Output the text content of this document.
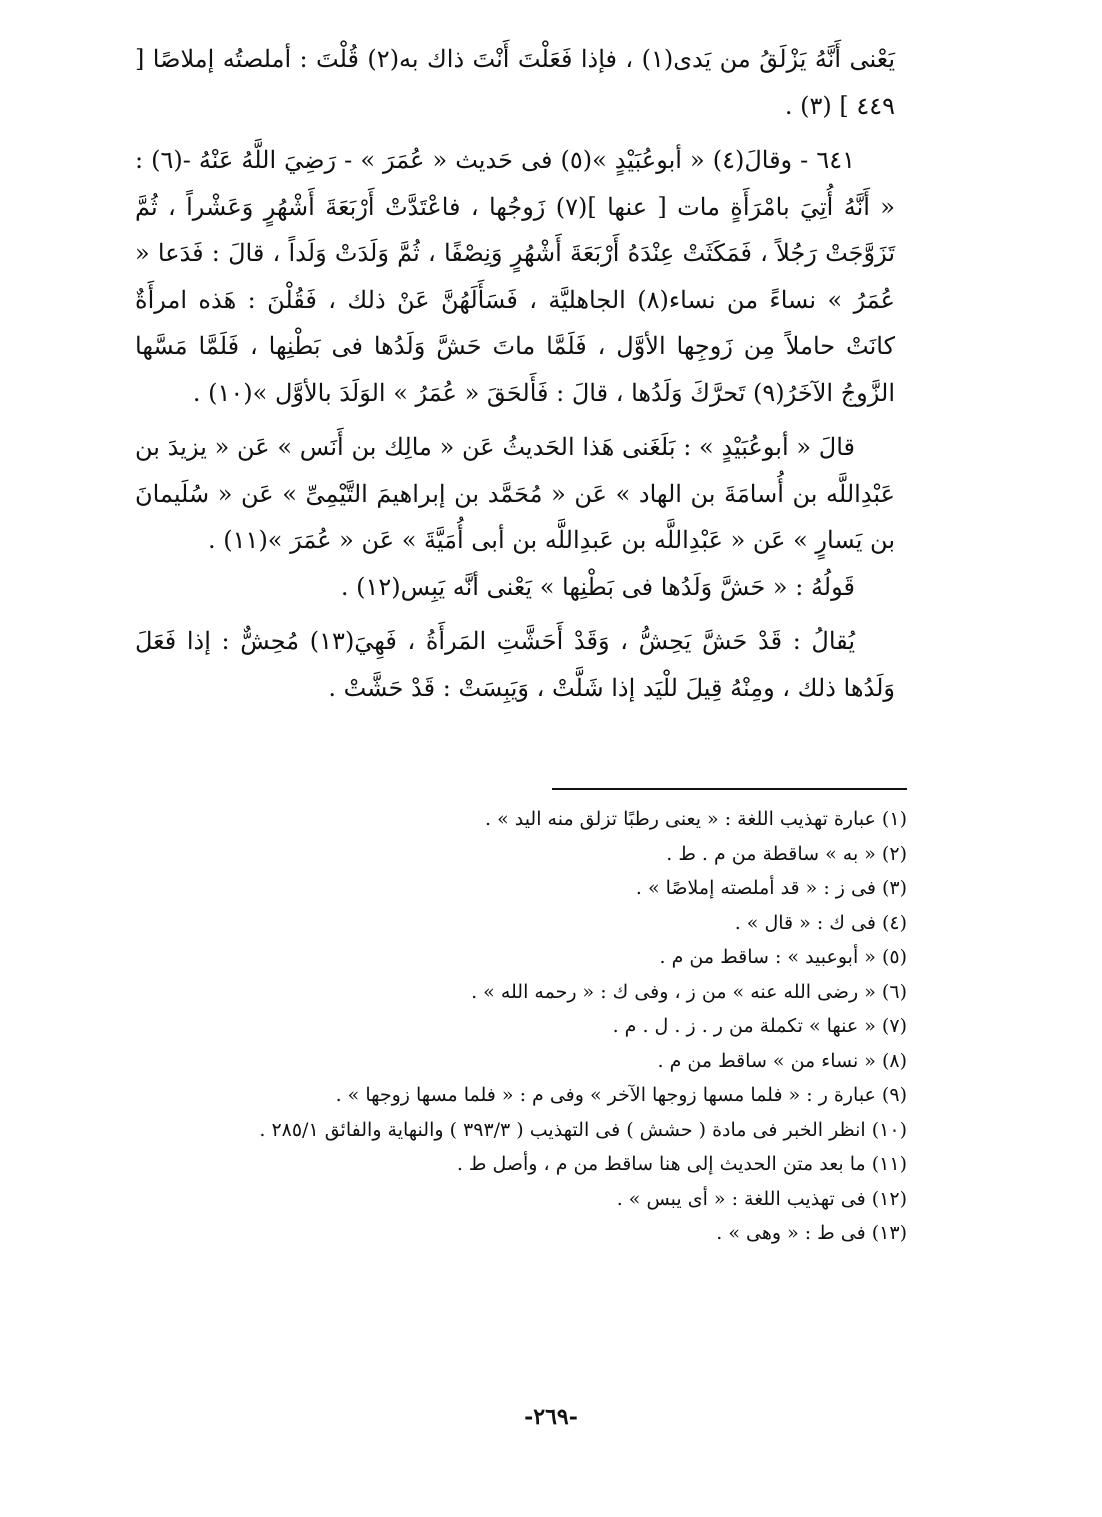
يَعْنى أَنَّهُ يَزْلَقُ من يَدى(١) ، فإذا فَعَلْتَ أَنْتَ ذاك به(٢) قُلْتَ : أملصتُه إملاصًا [ ٤٤٩ ] (٣) .

٦٤١ - وقالَ(٤) « أبوعُبَيْدٍ »(٥) فى حَديث « عُمَرَ » - رَضِيَ اللَّهُ عَنْهُ -(٦) : « أَنَّهُ أُتِيَ بامْرَأَةٍ مات [ عنها ](٧) زَوجُها ، فاعْتَدَّتْ أَرْبَعَةَ أَشْهُرٍ وَعَشْراً ، ثُمَّ تَزَوَّجَتْ رَجُلاً ، فَمَكَثَتْ عِنْدَهُ أَرْبَعَةَ أَشْهُرٍ وَنِصْفًا ، ثُمَّ وَلَدَتْ وَلَداً ، قالَ : فَدَعا « عُمَرُ » نساءً من نساء(٨) الجاهليَّة ، فَسَأَلَهُنَّ عَنْ ذلك ، فَقُلْنَ : هَذه امرأَةٌ كانَتْ حاملاً مِن زَوجِها الأوَّل ، فَلَمَّا ماتَ حَشَّ وَلَدُها فى بَطْنِها ، فَلَمَّا مَسَّها الزَّوجُ الآخَرُ(٩) تَحرَّكَ وَلَدُها ، قالَ : فَأَلحَقَ « عُمَرُ » الوَلَدَ بالأوَّل »(١٠) .

قالَ « أبوعُبَيْدٍ » : بَلَغَنى هَذا الحَديثُ عَن « مالِك بن أَنَس » عَن « يزيدَ بن عَبْدِاللَّه بن أُسامَةَ بن الهاد » عَن « مُحَمَّد بن إبراهيمَ التَّيْمِىِّ » عَن « سُلَيمانَ بن يَسارٍ » عَن « عَبْدِاللَّه بن عَبدِاللَّه بن أبى أُمَيَّةَ » عَن « عُمَرَ »(١١) .

قَولُهُ : « حَشَّ وَلَدُها فى بَطْنِها » يَعْنى أنَّه يَبِس(١٢) .

يُقالُ : قَدْ حَشَّ يَحِشُّ ، وَقَدْ أَحَشَّتِ المَرأَةُ ، فَهِيَ(١٣) مُحِشٌّ : إذا فَعَلَ وَلَدُها ذلك ، ومِنْهُ قِيلَ للْيَد إذا شَلَّتْ ، وَيَبِسَتْ : قَدْ حَشَّتْ .

(١) عبارة تهذيب اللغة : « يعنى رطبًا تزلق منه اليد » .
(٢) « به » ساقطة من م . ط .
(٣) فى ز : « قد أملصته إملاصًا » .
(٤) فى ك : « قال » .
(٥) « أبوعبيد » : ساقط من م .
(٦) « رضى الله عنه » من ز ، وفى ك : « رحمه الله » .
(٧) « عنها » تكملة من ر . ز . ل . م .
(٨) « نساء من » ساقط من م .
(٩) عبارة ر : « فلما مسها زوجها الآخر » وفى م : « فلما مسها زوجها » .
(١٠) انظر الخبر فى مادة ( حشش ) فى التهذيب ( ٣٩٣/٣ ) والنهاية والفائق ٢٨٥/١ .
(١١) ما بعد متن الحديث إلى هنا ساقط من م ، وأصل ط .
(١٢) فى تهذيب اللغة : « أى يبس » .
(١٣) فى ط : « وهى » .
-٢٦٩-
